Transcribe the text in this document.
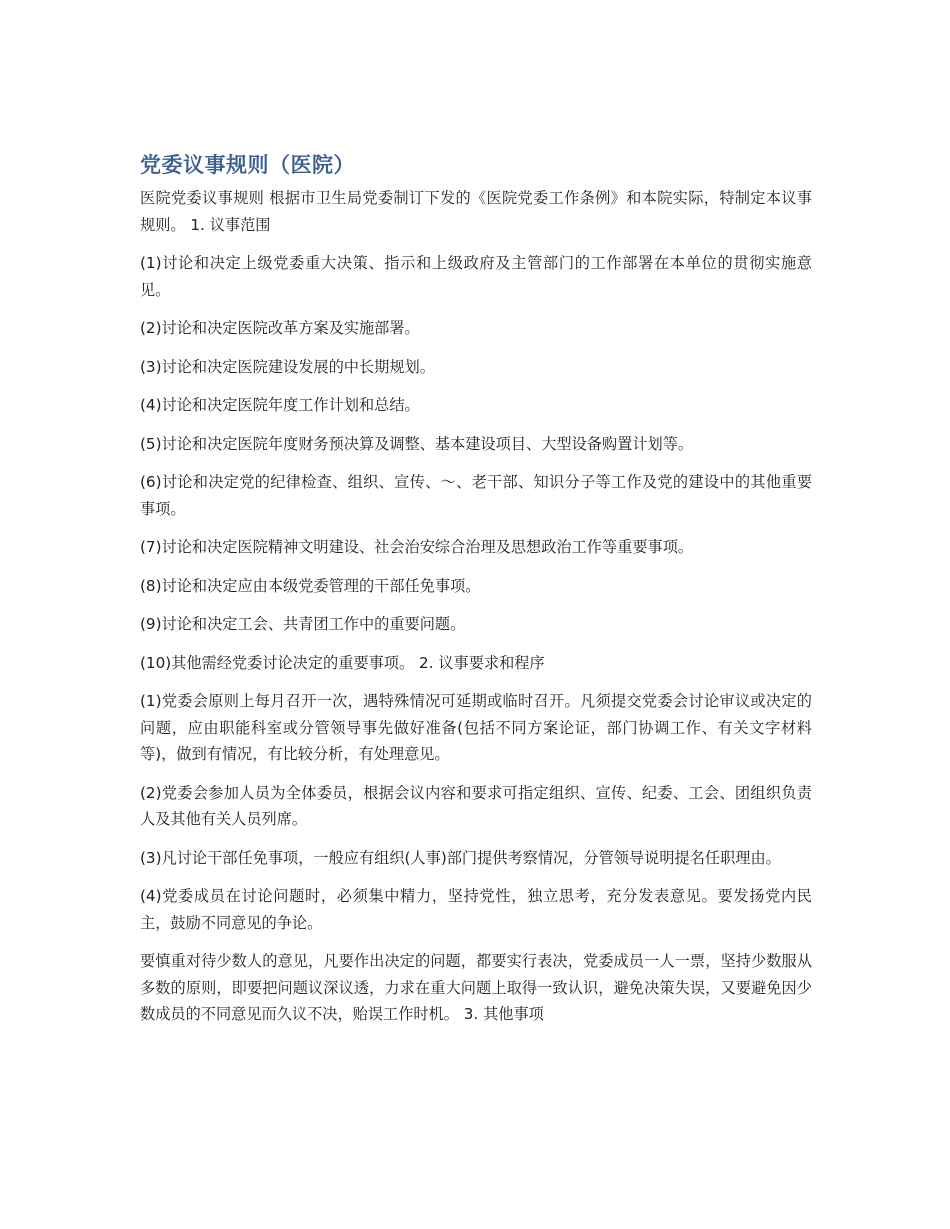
党委议事规则（医院）

医院党委议事规则 根据市卫生局党委制订下发的《医院党委工作条例》和本院实际，特制定本议事规则。 1. 议事范围

(1)讨论和决定上级党委重大决策、指示和上级政府及主管部门的工作部署在本单位的贯彻实施意见。

(2)讨论和决定医院改革方案及实施部署。

(3)讨论和决定医院建设发展的中长期规划。

(4)讨论和决定医院年度工作计划和总结。

(5)讨论和决定医院年度财务预决算及调整、基本建设项目、大型设备购置计划等。

(6)讨论和决定党的纪律检查、组织、宣传、～、老干部、知识分子等工作及党的建设中的其他重要事项。

(7)讨论和决定医院精神文明建设、社会治安综合治理及思想政治工作等重要事项。

(8)讨论和决定应由本级党委管理的干部任免事项。

(9)讨论和决定工会、共青团工作中的重要问题。

(10)其他需经党委讨论决定的重要事项。 2. 议事要求和程序

(1)党委会原则上每月召开一次，遇特殊情况可延期或临时召开。凡须提交党委会讨论审议或决定的问题，应由职能科室或分管领导事先做好准备(包括不同方案论证，部门协调工作、有关文字材料等)，做到有情况，有比较分析，有处理意见。

(2)党委会参加人员为全体委员，根据会议内容和要求可指定组织、宣传、纪委、工会、团组织负责人及其他有关人员列席。

(3)凡讨论干部任免事项，一般应有组织(人事)部门提供考察情况，分管领导说明提名任职理由。

(4)党委成员在讨论问题时，必须集中精力，坚持党性，独立思考，充分发表意见。要发扬党内民主，鼓励不同意见的争论。

要慎重对待少数人的意见，凡要作出决定的问题，都要实行表决，党委成员一人一票，坚持少数服从多数的原则，即要把问题议深议透，力求在重大问题上取得一致认识，避免决策失误，又要避免因少数成员的不同意见而久议不决，贻误工作时机。 3. 其他事项
